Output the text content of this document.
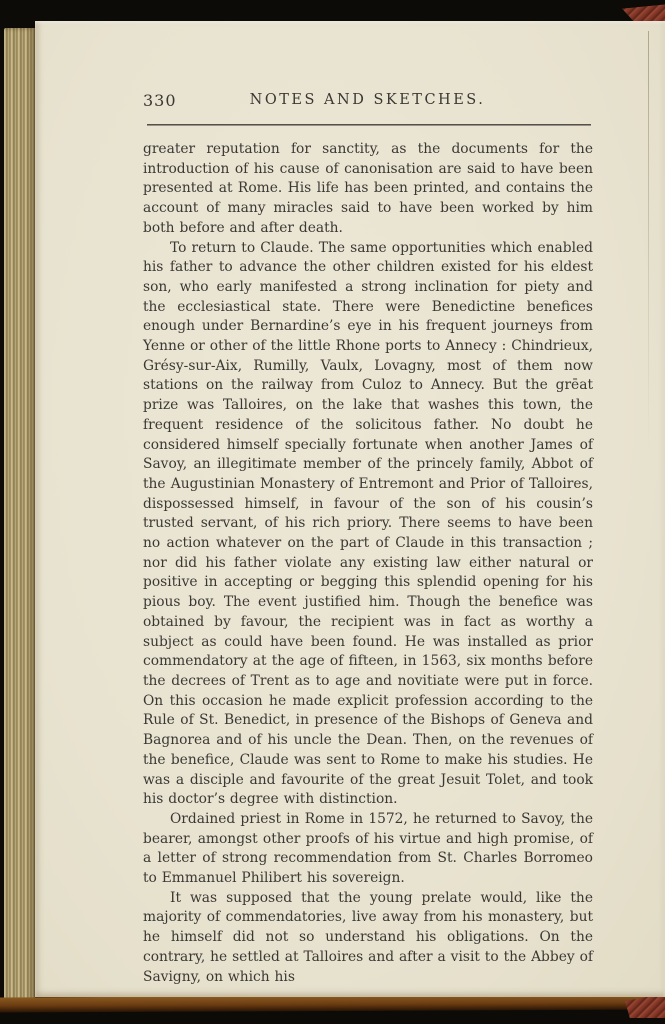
330	NOTES AND SKETCHES.

greater reputation for sanctity, as the documents for the introduction of his cause of canonisation are said to have been presented at Rome. His life has been printed, and contains the account of many miracles said to have been worked by him both before and after death.

To return to Claude. The same opportunities which enabled his father to advance the other children existed for his eldest son, who early manifested a strong inclination for piety and the ecclesiastical state. There were Benedictine benefices enough under Bernardine’s eye in his frequent journeys from Yenne or other of the little Rhone ports to Annecy : Chindrieux, Grésy-sur-Aix, Rumilly, Vaulx, Lovagny, most of them now stations on the railway from Culoz to Annecy. But the grēat prize was Talloires, on the lake that washes this town, the frequent residence of the solicitous father. No doubt he considered himself specially fortunate when another James of Savoy, an illegitimate member of the princely family, Abbot of the Augustinian Monastery of Entremont and Prior of Talloires, dispossessed himself, in favour of the son of his cousin’s trusted servant, of his rich priory. There seems to have been no action whatever on the part of Claude in this transaction ; nor did his father violate any existing law either natural or positive in accepting or begging this splendid opening for his pious boy. The event justified him. Though the benefice was obtained by favour, the recipient was in fact as worthy a subject as could have been found. He was installed as prior commendatory at the age of fifteen, in 1563, six months before the decrees of Trent as to age and novitiate were put in force. On this occasion he made explicit profession according to the Rule of St. Benedict, in presence of the Bishops of Geneva and Bagnorea and of his uncle the Dean. Then, on the revenues of the benefice, Claude was sent to Rome to make his studies. He was a disciple and favourite of the great Jesuit Tolet, and took his doctor’s degree with distinction.

Ordained priest in Rome in 1572, he returned to Savoy, the bearer, amongst other proofs of his virtue and high promise, of a letter of strong recommendation from St. Charles Borromeo to Emmanuel Philibert his sovereign.

It was supposed that the young prelate would, like the majority of commendatories, live away from his monastery, but he himself did not so understand his obligations. On the contrary, he settled at Talloires and after a visit to the Abbey of Savigny, on which his
